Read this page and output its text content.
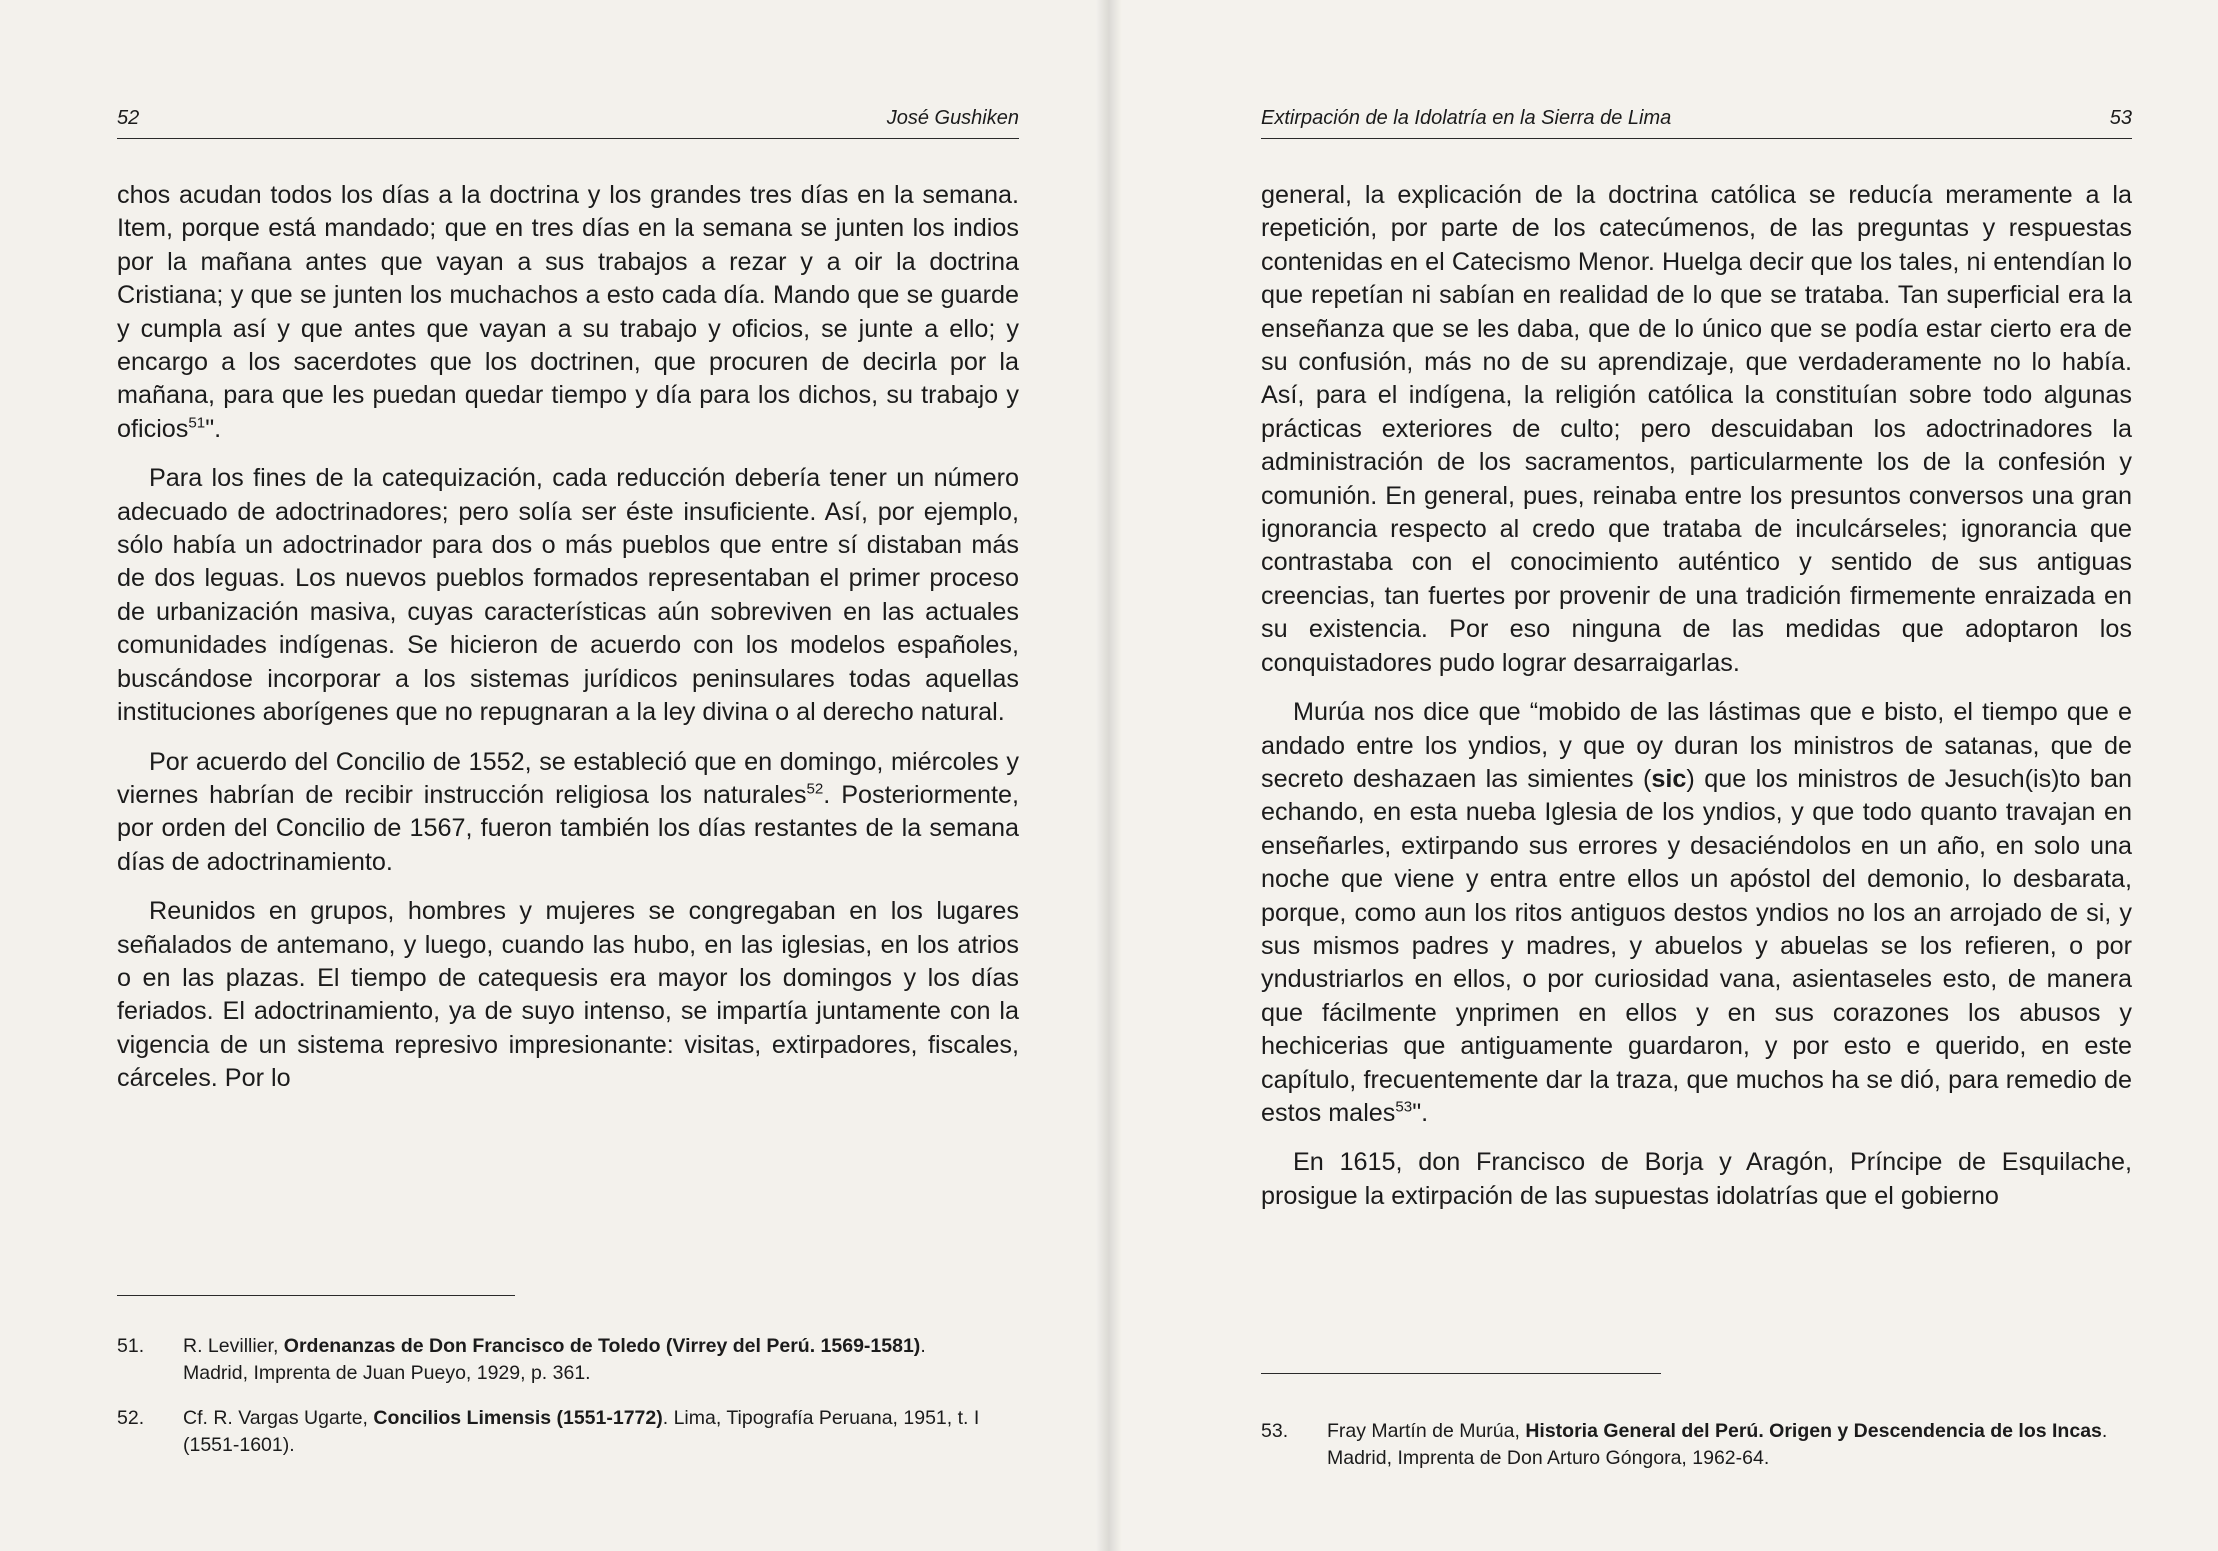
52	José Gushiken

chos acudan todos los días a la doctrina y los grandes tres días en la semana. Item, porque está mandado; que en tres días en la semana se junten los indios por la mañana antes que vayan a sus trabajos a rezar y a oir la doctrina Cristiana; y que se junten los muchachos a esto cada día. Mando que se guarde y cumpla así y que antes que vayan a su trabajo y oficios, se junte a ello; y encargo a los sacerdotes que los doctrinen, que procuren de decirla por la mañana, para que les puedan quedar tiempo y día para los dichos, su trabajo y oficios$^{51}$".

Para los fines de la catequización, cada reducción debería tener un número adecuado de adoctrinadores; pero solía ser éste insuficiente. Así, por ejemplo, sólo había un adoctrinador para dos o más pueblos que entre sí distaban más de dos leguas. Los nuevos pueblos formados representaban el primer proceso de urbanización masiva, cuyas características aún sobreviven en las actuales comunidades indígenas. Se hicieron de acuerdo con los modelos españoles, buscándose incorporar a los sistemas jurídicos peninsulares todas aquellas instituciones aborígenes que no repugnaran a la ley divina o al derecho natural.

Por acuerdo del Concilio de 1552, se estableció que en domingo, miércoles y viernes habrían de recibir instrucción religiosa los naturales$^{52}$. Posteriormente, por orden del Concilio de 1567, fueron también los días restantes de la semana días de adoctrinamiento.

Reunidos en grupos, hombres y mujeres se congregaban en los lugares señalados de antemano, y luego, cuando las hubo, en las iglesias, en los atrios o en las plazas. El tiempo de catequesis era mayor los domingos y los días feriados. El adoctrinamiento, ya de suyo intenso, se impartía juntamente con la vigencia de un sistema represivo impresionante: visitas, extirpadores, fiscales, cárceles. Por lo

51.	R. Levillier, Ordenanzas de Don Francisco de Toledo (Virrey del Perú. 1569-1581). Madrid, Imprenta de Juan Pueyo, 1929, p. 361.
52.	Cf. R. Vargas Ugarte, Concilios Limensis (1551-1772). Lima, Tipografía Peruana, 1951, t. I (1551-1601).
Extirpación de la Idolatría en la Sierra de Lima	53

general, la explicación de la doctrina católica se reducía meramente a la repetición, por parte de los catecúmenos, de las preguntas y respuestas contenidas en el Catecismo Menor. Huelga decir que los tales, ni entendían lo que repetían ni sabían en realidad de lo que se trataba. Tan superficial era la enseñanza que se les daba, que de lo único que se podía estar cierto era de su confusión, más no de su aprendizaje, que verdaderamente no lo había. Así, para el indígena, la religión católica la constituían sobre todo algunas prácticas exteriores de culto; pero descuidaban los adoctrinadores la administración de los sacramentos, particularmente los de la confesión y comunión. En general, pues, reinaba entre los presuntos conversos una gran ignorancia respecto al credo que trataba de inculcárseles; ignorancia que contrastaba con el conocimiento auténtico y sentido de sus antiguas creencias, tan fuertes por provenir de una tradición firmemente enraizada en su existencia. Por eso ninguna de las medidas que adoptaron los conquistadores pudo lograr desarraigarlas.

Murúa nos dice que “mobido de las lástimas que e bisto, el tiempo que e andado entre los yndios, y que oy duran los ministros de satanas, que de secreto deshazaen las simientes (sic) que los ministros de Jesuch(is)to ban echando, en esta nueba Iglesia de los yndios, y que todo quanto travajan en enseñarles, extirpando sus errores y desaciéndolos en un año, en solo una noche que viene y entra entre ellos un apóstol del demonio, lo desbarata, porque, como aun los ritos antiguos destos yndios no los an arrojado de si, y sus mismos padres y madres, y abuelos y abuelas se los refieren, o por yndustriarlos en ellos, o por curiosidad vana, asientaseles esto, de manera que fácilmente ynprimen en ellos y en sus corazones los abusos y hechicerias que antiguamente guardaron, y por esto e querido, en este capítulo, frecuentemente dar la traza, que muchos ha se dió, para remedio de estos males$^{53}$".

En 1615, don Francisco de Borja y Aragón, Príncipe de Esquilache, prosigue la extirpación de las supuestas idolatrías que el gobierno

53.	Fray Martín de Murúa, Historia General del Perú. Origen y Descendencia de los Incas. Madrid, Imprenta de Don Arturo Góngora, 1962-64.
